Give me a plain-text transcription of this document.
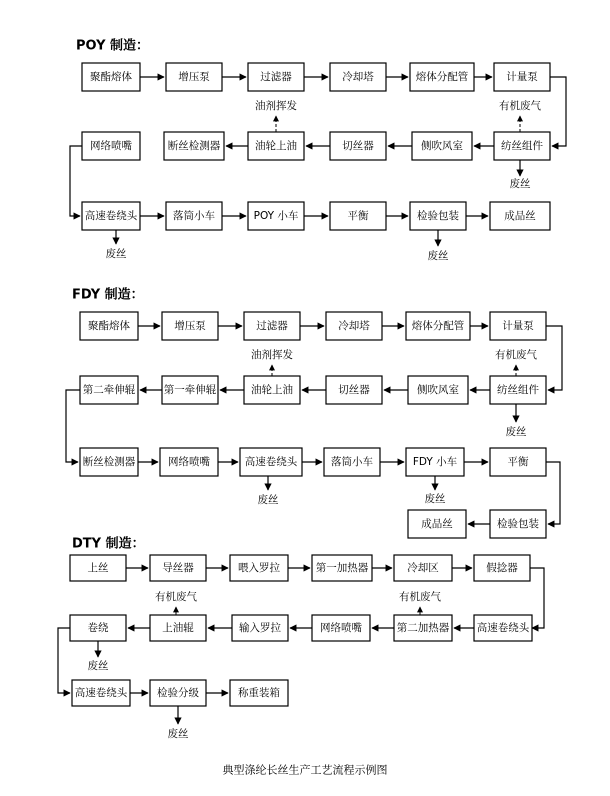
POY 制造：
聚酯熔体	增压泵	过滤器	冷却塔	熔体分配管	计量泵
有机废气
纺丝组件
侧吹风室
切丝器
油轮上油
断丝检测器
网络喷嘴
油剂挥发
废丝
高速卷绕头	落筒小车	POY 小车	平衡	检验包装	成品丝
废丝	废丝
FDY 制造：
聚酯熔体	增压泵	过滤器	冷却塔	熔体分配管	计量泵
有机废气
油剂挥发
纺丝组件
侧吹风室
切丝器
油轮上油
第一牵伸辊
第二牵伸辊
废丝
断丝检测器	网络喷嘴	高速卷绕头	落筒小车	FDY 小车	平衡
废丝	废丝
检验包装
成品丝
DTY 制造：
上丝	导丝器	喂入罗拉	第一加热器	冷却区	假捻器
有机废气	有机废气
高速卷绕头
第二加热器
网络喷嘴
输入罗拉
上油辊
卷绕
废丝
高速卷绕头	检验分级	称重装箱
废丝
典型涤纶长丝生产工艺流程示例图
